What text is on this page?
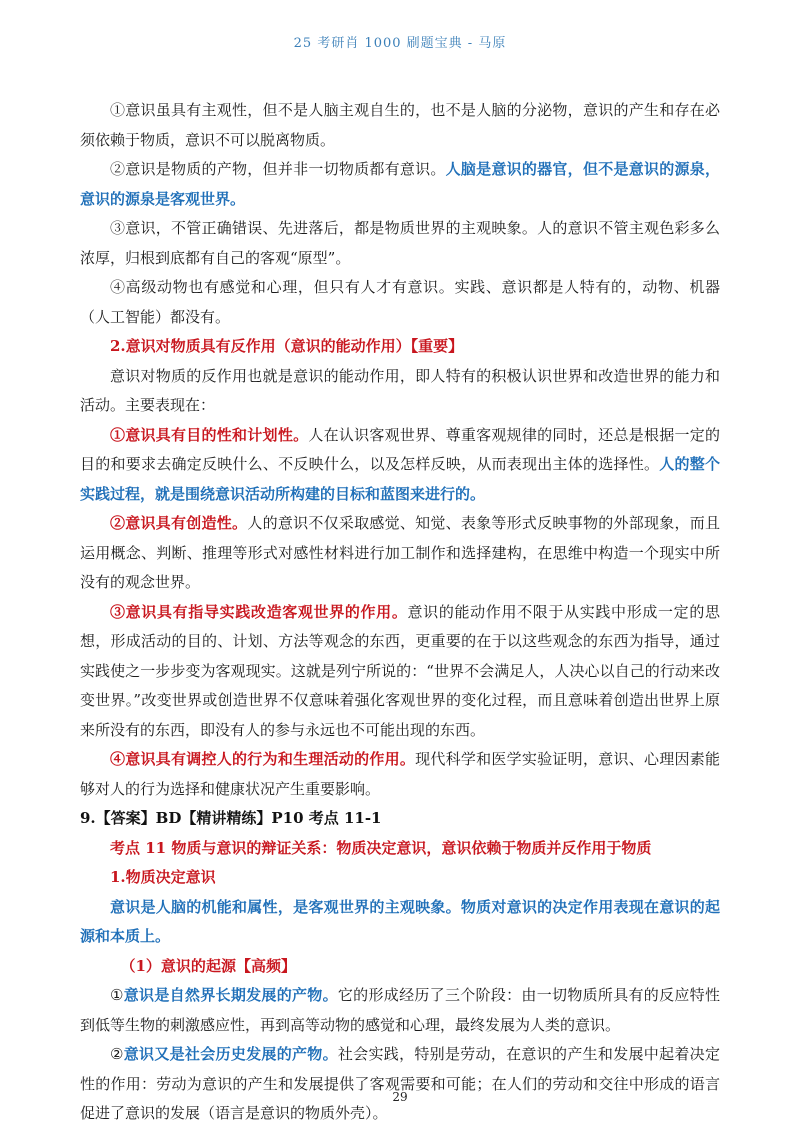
25 考研肖 1000 刷题宝典 - 马原

①意识虽具有主观性，但不是人脑主观自生的，也不是人脑的分泌物，意识的产生和存在必须依赖于物质，意识不可以脱离物质。

②意识是物质的产物，但并非一切物质都有意识。人脑是意识的器官，但不是意识的源泉，意识的源泉是客观世界。

③意识，不管正确错误、先进落后，都是物质世界的主观映象。人的意识不管主观色彩多么浓厚，归根到底都有自己的客观“原型”。

④高级动物也有感觉和心理，但只有人才有意识。实践、意识都是人特有的，动物、机器（人工智能）都没有。

2.意识对物质具有反作用（意识的能动作用）【重要】

意识对物质的反作用也就是意识的能动作用，即人特有的积极认识世界和改造世界的能力和活动。主要表现在：

①意识具有目的性和计划性。人在认识客观世界、尊重客观规律的同时，还总是根据一定的目的和要求去确定反映什么、不反映什么，以及怎样反映，从而表现出主体的选择性。人的整个实践过程，就是围绕意识活动所构建的目标和蓝图来进行的。

②意识具有创造性。人的意识不仅采取感觉、知觉、表象等形式反映事物的外部现象，而且运用概念、判断、推理等形式对感性材料进行加工制作和选择建构，在思维中构造一个现实中所没有的观念世界。

③意识具有指导实践改造客观世界的作用。意识的能动作用不限于从实践中形成一定的思想，形成活动的目的、计划、方法等观念的东西，更重要的在于以这些观念的东西为指导，通过实践使之一步步变为客观现实。这就是列宁所说的：“世界不会满足人，人决心以自己的行动来改变世界。”改变世界或创造世界不仅意味着强化客观世界的变化过程，而且意味着创造出世界上原来所没有的东西，即没有人的参与永远也不可能出现的东西。

④意识具有调控人的行为和生理活动的作用。现代科学和医学实验证明，意识、心理因素能够对人的行为选择和健康状况产生重要影响。

9.【答案】BD【精讲精练】P10 考点 11-1

考点 11 物质与意识的辩证关系：物质决定意识，意识依赖于物质并反作用于物质

1.物质决定意识

意识是人脑的机能和属性，是客观世界的主观映象。物质对意识的决定作用表现在意识的起源和本质上。

（1）意识的起源【高频】

①意识是自然界长期发展的产物。它的形成经历了三个阶段：由一切物质所具有的反应特性到低等生物的刺激感应性，再到高等动物的感觉和心理，最终发展为人类的意识。

②意识又是社会历史发展的产物。社会实践，特别是劳动，在意识的产生和发展中起着决定性的作用：劳动为意识的产生和发展提供了客观需要和可能；在人们的劳动和交往中形成的语言促进了意识的发展（语言是意识的物质外壳）。

29
